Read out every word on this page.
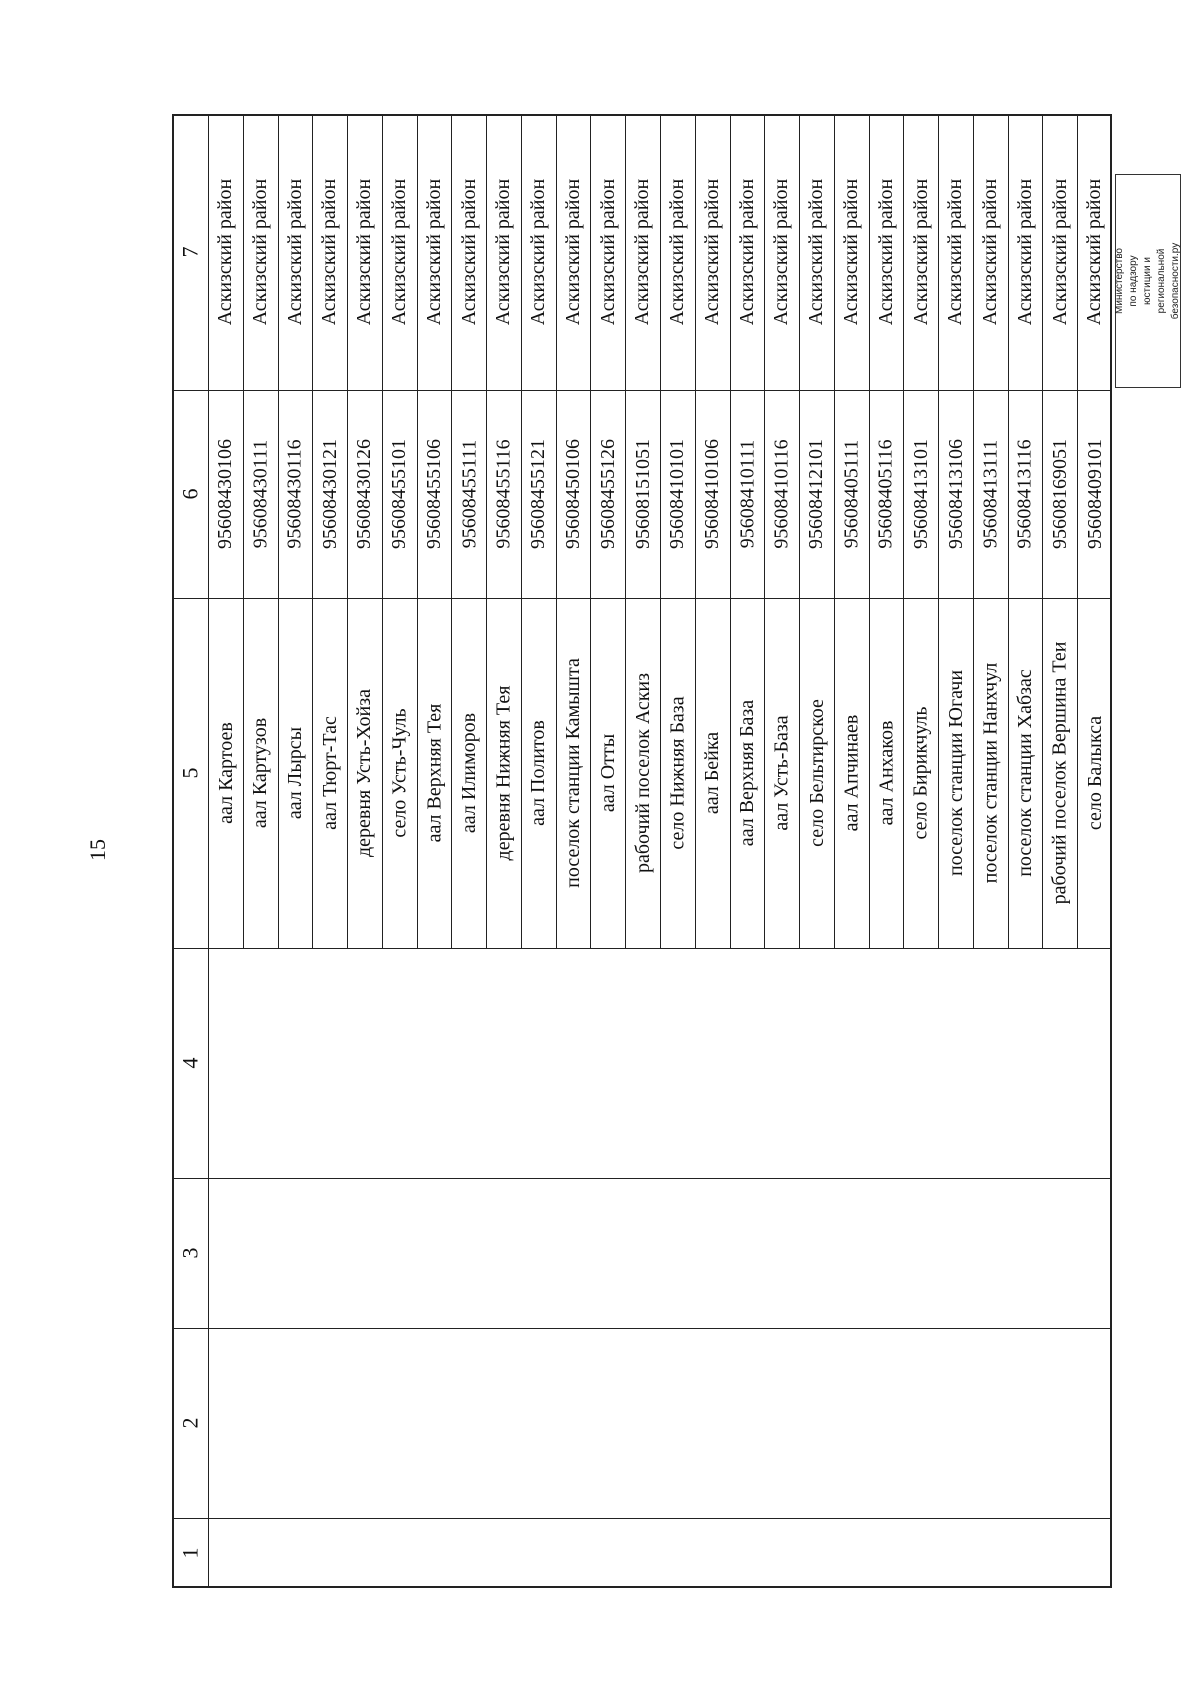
15
7
6
5
4
3
2
1
Аскизский район
95608430106
аал Картоев
Аскизский район
95608430111
аал Картузов
Аскизский район
95608430116
аал Лырсы
Аскизский район
95608430121
аал Тюрт-Тас
Аскизский район
95608430126
деревня Усть-Хойза
Аскизский район
95608455101
село Усть-Чуль
Аскизский район
95608455106
аал Верхняя Тея
Аскизский район
95608455111
аал Илиморов
Аскизский район
95608455116
деревня Нижняя Тея
Аскизский район
95608455121
аал Политов
Аскизский район
95608450106
поселок станции Камышта
Аскизский район
95608455126
аал Отты
Аскизский район
95608151051
рабочий поселок Аскиз
Аскизский район
95608410101
село Нижняя База
Аскизский район
95608410106
аал Бейка
Аскизский район
95608410111
аал Верхняя База
Аскизский район
95608410116
аал Усть-База
Аскизский район
95608412101
село Бельтирское
Аскизский район
95608405111
аал Апчинаев
Аскизский район
95608405116
аал Анхаков
Аскизский район
95608413101
село Бирикчуль
Аскизский район
95608413106
поселок станции Югачи
Аскизский район
95608413111
поселок станции Нанхчул
Аскизский район
95608413116
поселок станции Хабзас
Аскизский район
95608169051
рабочий поселок Вершина Теи
Аскизский район
95608409101
село Балыкса
Министерство по надзору юстиции и региональной безопасности.ру
